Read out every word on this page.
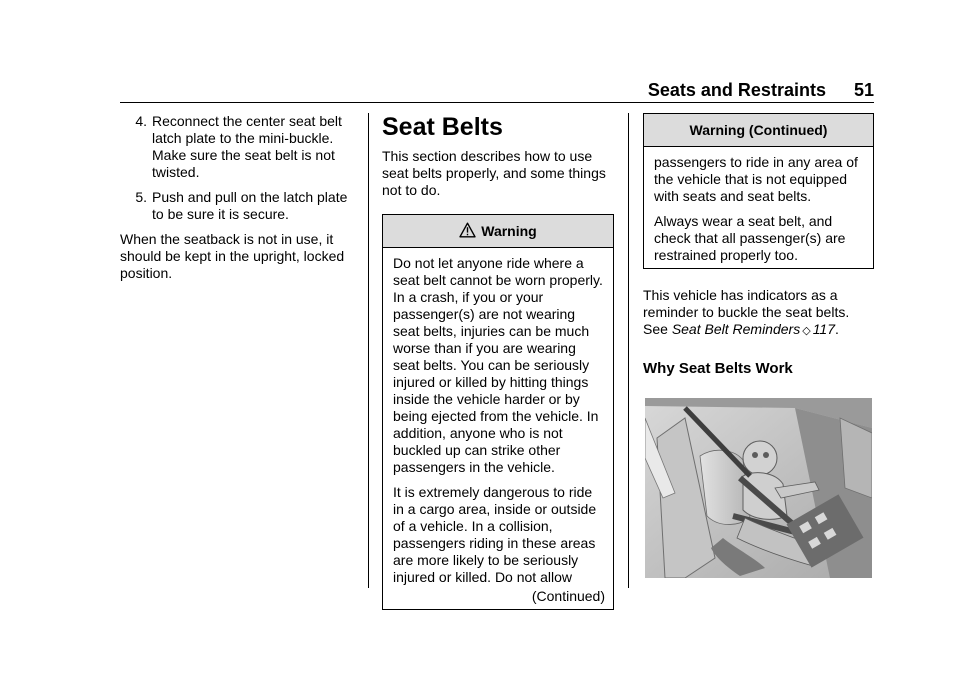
Seats and Restraints 51
4. Reconnect the center seat belt latch plate to the mini-buckle. Make sure the seat belt is not twisted.
5. Push and pull on the latch plate to be sure it is secure.

When the seatback is not in use, it should be kept in the upright, locked position.

Seat Belts

This section describes how to use seat belts properly, and some things not to do.

Warning

Do not let anyone ride where a seat belt cannot be worn properly. In a crash, if you or your passenger(s) are not wearing seat belts, injuries can be much worse than if you are wearing seat belts. You can be seriously injured or killed by hitting things inside the vehicle harder or by being ejected from the vehicle. In addition, anyone who is not buckled up can strike other passengers in the vehicle.

It is extremely dangerous to ride in a cargo area, inside or outside of a vehicle. In a collision, passengers riding in these areas are more likely to be seriously injured or killed. Do not allow

(Continued)
Warning (Continued)

passengers to ride in any area of the vehicle that is not equipped with seats and seat belts.

Always wear a seat belt, and check that all passenger(s) are restrained properly too.

This vehicle has indicators as a reminder to buckle the seat belts. See Seat Belt Reminders ◇ 117.

Why Seat Belts Work
